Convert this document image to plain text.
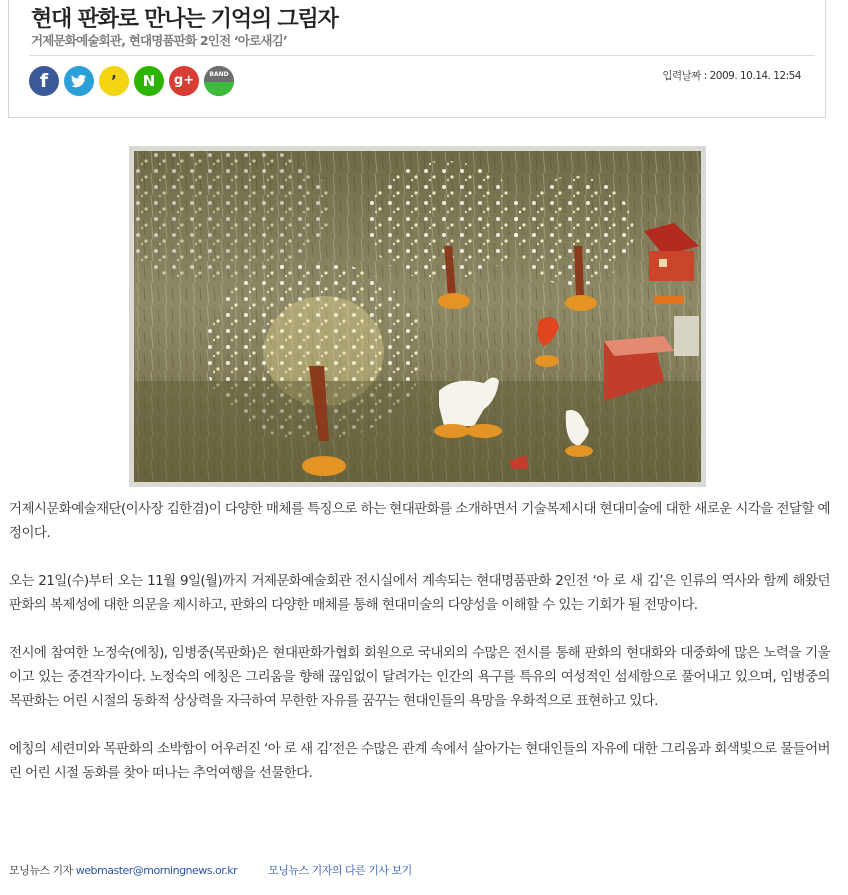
현대 판화로 만나는 기억의 그림자
거제문화예술회관, 현대명품판화 2인전 ‘아로새김’
f	’	N	g+	BAND	입력날짜 : 2009. 10.14. 12:54

거제시문화예술재단(이사장 김한겸)이 다양한 매체를 특징으로 하는 현대판화를 소개하면서 기술복제시대 현대미술에 대한 새로운 시각을 전달할 예정이다.

오는 21일(수)부터 오는 11월 9일(월)까지 거제문화예술회관 전시실에서 계속되는 현대명품판화 2인전 ‘아 로 새 김’은 인류의 역사와 함께 해왔던 판화의 복제성에 대한 의문을 제시하고, 판화의 다양한 매체를 통해 현대미술의 다양성을 이해할 수 있는 기회가 될 전망이다.

전시에 참여한 노정숙(에칭), 임병중(목판화)은 현대판화가협회 회원으로 국내외의 수많은 전시를 통해 판화의 현대화와 대중화에 많은 노력을 기울이고 있는 중견작가이다. 노정숙의 에칭은 그리움을 향해 끊임없이 달려가는 인간의 욕구를 특유의 여성적인 섬세함으로 풀어내고 있으며, 임병중의 목판화는 어린 시절의 동화적 상상력을 자극하여 무한한 자유를 꿈꾸는 현대인들의 욕망을 우화적으로 표현하고 있다.

에칭의 세련미와 목판화의 소박함이 어우러진 ‘아 로 새 김’전은 수많은 관계 속에서 살아가는 현대인들의 자유에 대한 그리움과 회색빛으로 물들어버린 어린 시절 동화를 찾아 떠나는 추억여행을 선물한다.

모닝뉴스 기자 webmaster@morningnews.or.kr	모닝뉴스 기자의 다른 기사 보기
